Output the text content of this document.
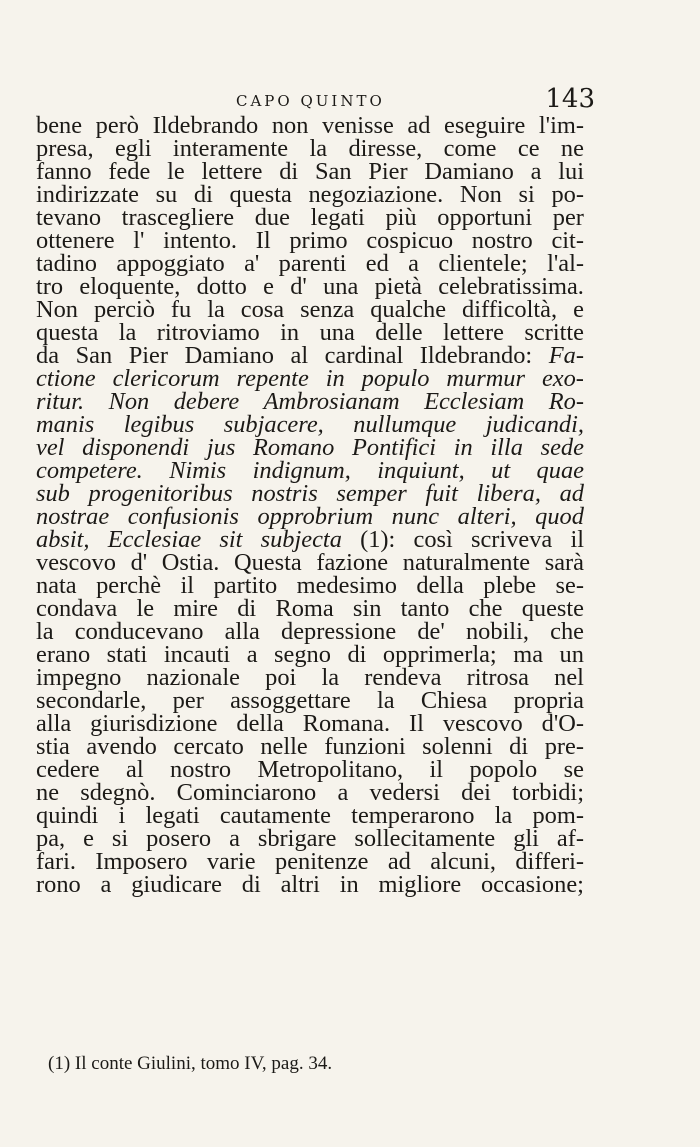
CAPO QUINTO	143
bene però Ildebrando non venisse ad eseguire l'im-
presa, egli interamente la diresse, come ce ne
fanno fede le lettere di San Pier Damiano a lui
indirizzate su di questa negoziazione. Non si po-
tevano trascegliere due legati più opportuni per
ottenere l' intento. Il primo cospicuo nostro cit-
tadino appoggiato a' parenti ed a clientele; l'al-
tro eloquente, dotto e d' una pietà celebratissima.
Non perciò fu la cosa senza qualche difficoltà, e
questa la ritroviamo in una delle lettere scritte
da San Pier Damiano al cardinal Ildebrando: Fa-
ctione clericorum repente in populo murmur exo-
ritur. Non debere Ambrosianam Ecclesiam Ro-
manis legibus subjacere, nullumque judicandi,
vel disponendi jus Romano Pontifici in illa sede
competere. Nimis indignum, inquiunt, ut quae
sub progenitoribus nostris semper fuit libera, ad
nostrae confusionis opprobrium nunc alteri, quod
absit, Ecclesiae sit subjecta (1): così scriveva il
vescovo d' Ostia. Questa fazione naturalmente sarà
nata perchè il partito medesimo della plebe se-
condava le mire di Roma sin tanto che queste
la conducevano alla depressione de' nobili, che
erano stati incauti a segno di opprimerla; ma un
impegno nazionale poi la rendeva ritrosa nel
secondarle, per assoggettare la Chiesa propria
alla giurisdizione della Romana. Il vescovo d'O-
stia avendo cercato nelle funzioni solenni di pre-
cedere al nostro Metropolitano, il popolo se
ne sdegnò. Cominciarono a vedersi dei torbidi;
quindi i legati cautamente temperarono la pom-
pa, e si posero a sbrigare sollecitamente gli af-
fari. Imposero varie penitenze ad alcuni, differi-
rono a giudicare di altri in migliore occasione;
(1) Il conte Giulini, tomo IV, pag. 34.
